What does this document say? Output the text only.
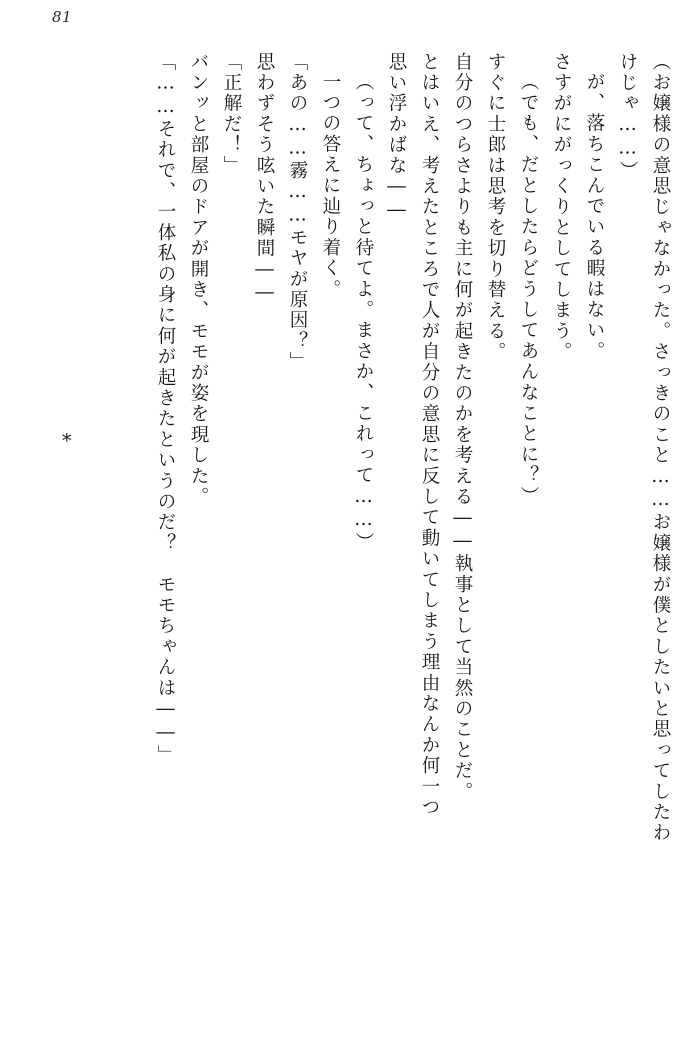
81
（お嬢様の意思じゃなかった。さっきのこと……お嬢様が僕としたいと思ってしたわ
けじゃ……）
が、落ちこんでいる暇はない。
さすがにがっくりとしてしまう。
（でも、だとしたらどうしてあんなことに？）
すぐに士郎は思考を切り替える。
自分のつらさよりも主に何が起きたのかを考える――執事として当然のことだ。
とはいえ、考えたところで人が自分の意思に反して動いてしまう理由なんか何一つ
思い浮かばな――
（って、ちょっと待てよ。まさか、これって……）
一つの答えに辿り着く。
「あの……霧……モヤが原因？」
思わずそう呟いた瞬間――
「正解だ！」
バンッと部屋のドアが開き、モモが姿を現した。
「……それで、一体私の身に何が起きたというのだ？　モモちゃんは――」
*
